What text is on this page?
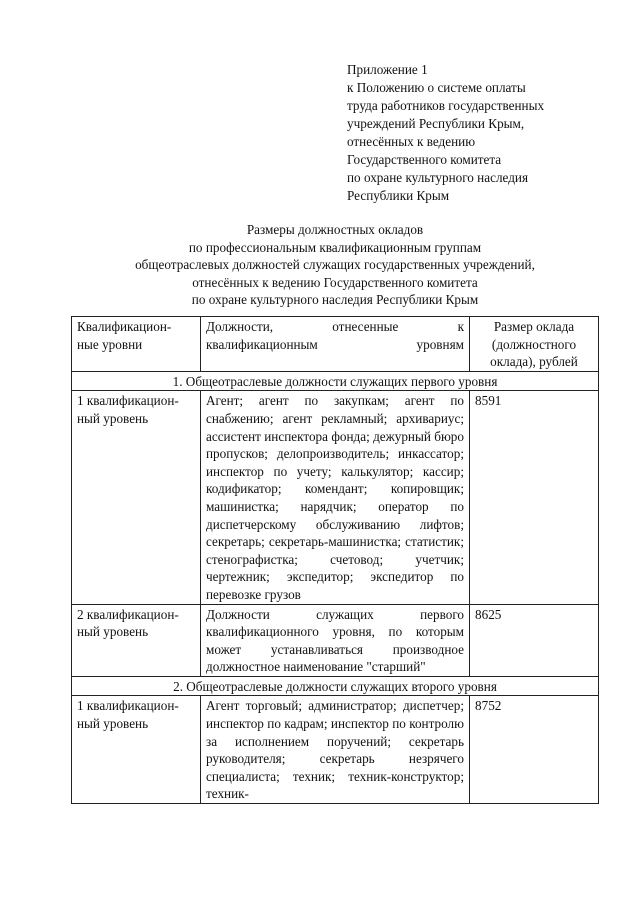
Приложение 1
к Положению о системе оплаты
труда работников государственных
учреждений Республики Крым,
отнесённых к ведению
Государственного комитета
по охране культурного наследия
Республики Крым
Размеры должностных окладов
по профессиональным квалификационным группам
общеотраслевых должностей служащих государственных учреждений,
отнесённых к ведению Государственного комитета
по охране культурного наследия Республики Крым
Квалификацион-
ные уровни	Должности, отнесенные к квалификационным уровням	Размер оклада
(должностного
оклада), рублей
1. Общеотраслевые должности служащих первого уровня		
1 квалификацион-
ный уровень	Агент; агент по закупкам; агент по снабжению; агент рекламный; архивариус; ассистент инспектора фонда; дежурный бюро пропусков; делопроизводитель; инкассатор; инспектор по учету; калькулятор; кассир; кодификатор; комендант; копировщик; машинистка; нарядчик; оператор по диспетчерскому обслуживанию лифтов; секретарь; секретарь-машинистка; статистик; стенографистка; счетовод; учетчик; чертежник; экспедитор; экспедитор по перевозке грузов	8591
2 квалификацион-
ный уровень	Должности служащих первого квалификационного уровня, по которым может устанавливаться производное должностное наименование "старший"	8625
2. Общеотраслевые должности служащих второго уровня		
1 квалификацион-
ный уровень	Агент торговый; администратор; диспетчер; инспектор по кадрам; инспектор по контролю за исполнением поручений; секретарь руководителя; секретарь незрячего специалиста; техник; техник-конструктор; техник-	8752
